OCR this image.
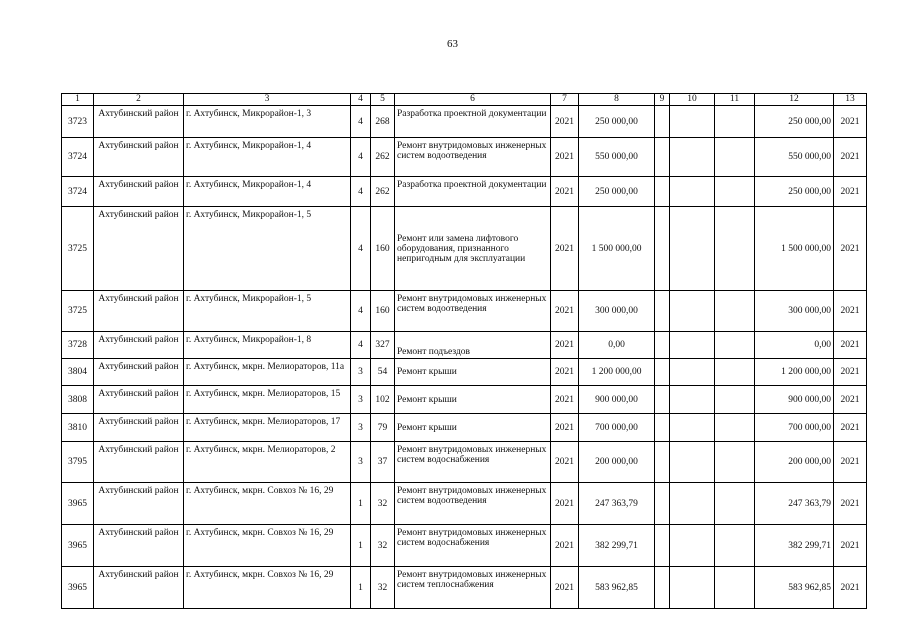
63
1	2	3	4	5	6	7	8	9	10	11	12	13
3723	Ахтубинский район	г. Ахтубинск, Микрорайон-1, 3	4	268	Разработка проектной документации	2021	250 000,00				250 000,00	2021
3724	Ахтубинский район	г. Ахтубинск, Микрорайон-1, 4	4	262	Ремонт внутридомовых инженерных систем водоотведения	2021	550 000,00				550 000,00	2021
3724	Ахтубинский район	г. Ахтубинск, Микрорайон-1, 4	4	262	Разработка проектной документации	2021	250 000,00				250 000,00	2021
3725	Ахтубинский район	г. Ахтубинск, Микрорайон-1, 5	4	160	Ремонт или замена лифтового оборудования, признанного непригодным для эксплуатации	2021	1 500 000,00				1 500 000,00	2021
3725	Ахтубинский район	г. Ахтубинск, Микрорайон-1, 5	4	160	Ремонт внутридомовых инженерных систем водоотведения	2021	300 000,00				300 000,00	2021
3728	Ахтубинский район	г. Ахтубинск, Микрорайон-1, 8	4	327	Ремонт подъездов	2021	0,00				0,00	2021
3804	Ахтубинский район	г. Ахтубинск, мкрн. Мелиораторов, 11а	3	54	Ремонт крыши	2021	1 200 000,00				1 200 000,00	2021
3808	Ахтубинский район	г. Ахтубинск, мкрн. Мелиораторов, 15	3	102	Ремонт крыши	2021	900 000,00				900 000,00	2021
3810	Ахтубинский район	г. Ахтубинск, мкрн. Мелиораторов, 17	3	79	Ремонт крыши	2021	700 000,00				700 000,00	2021
3795	Ахтубинский район	г. Ахтубинск, мкрн. Мелиораторов, 2	3	37	Ремонт внутридомовых инженерных систем водоснабжения	2021	200 000,00				200 000,00	2021
3965	Ахтубинский район	г. Ахтубинск, мкрн. Совхоз № 16, 29	1	32	Ремонт внутридомовых инженерных систем водоотведения	2021	247 363,79				247 363,79	2021
3965	Ахтубинский район	г. Ахтубинск, мкрн. Совхоз № 16, 29	1	32	Ремонт внутридомовых инженерных систем водоснабжения	2021	382 299,71				382 299,71	2021
3965	Ахтубинский район	г. Ахтубинск, мкрн. Совхоз № 16, 29	1	32	Ремонт внутридомовых инженерных систем теплоснабжения	2021	583 962,85				583 962,85	2021
